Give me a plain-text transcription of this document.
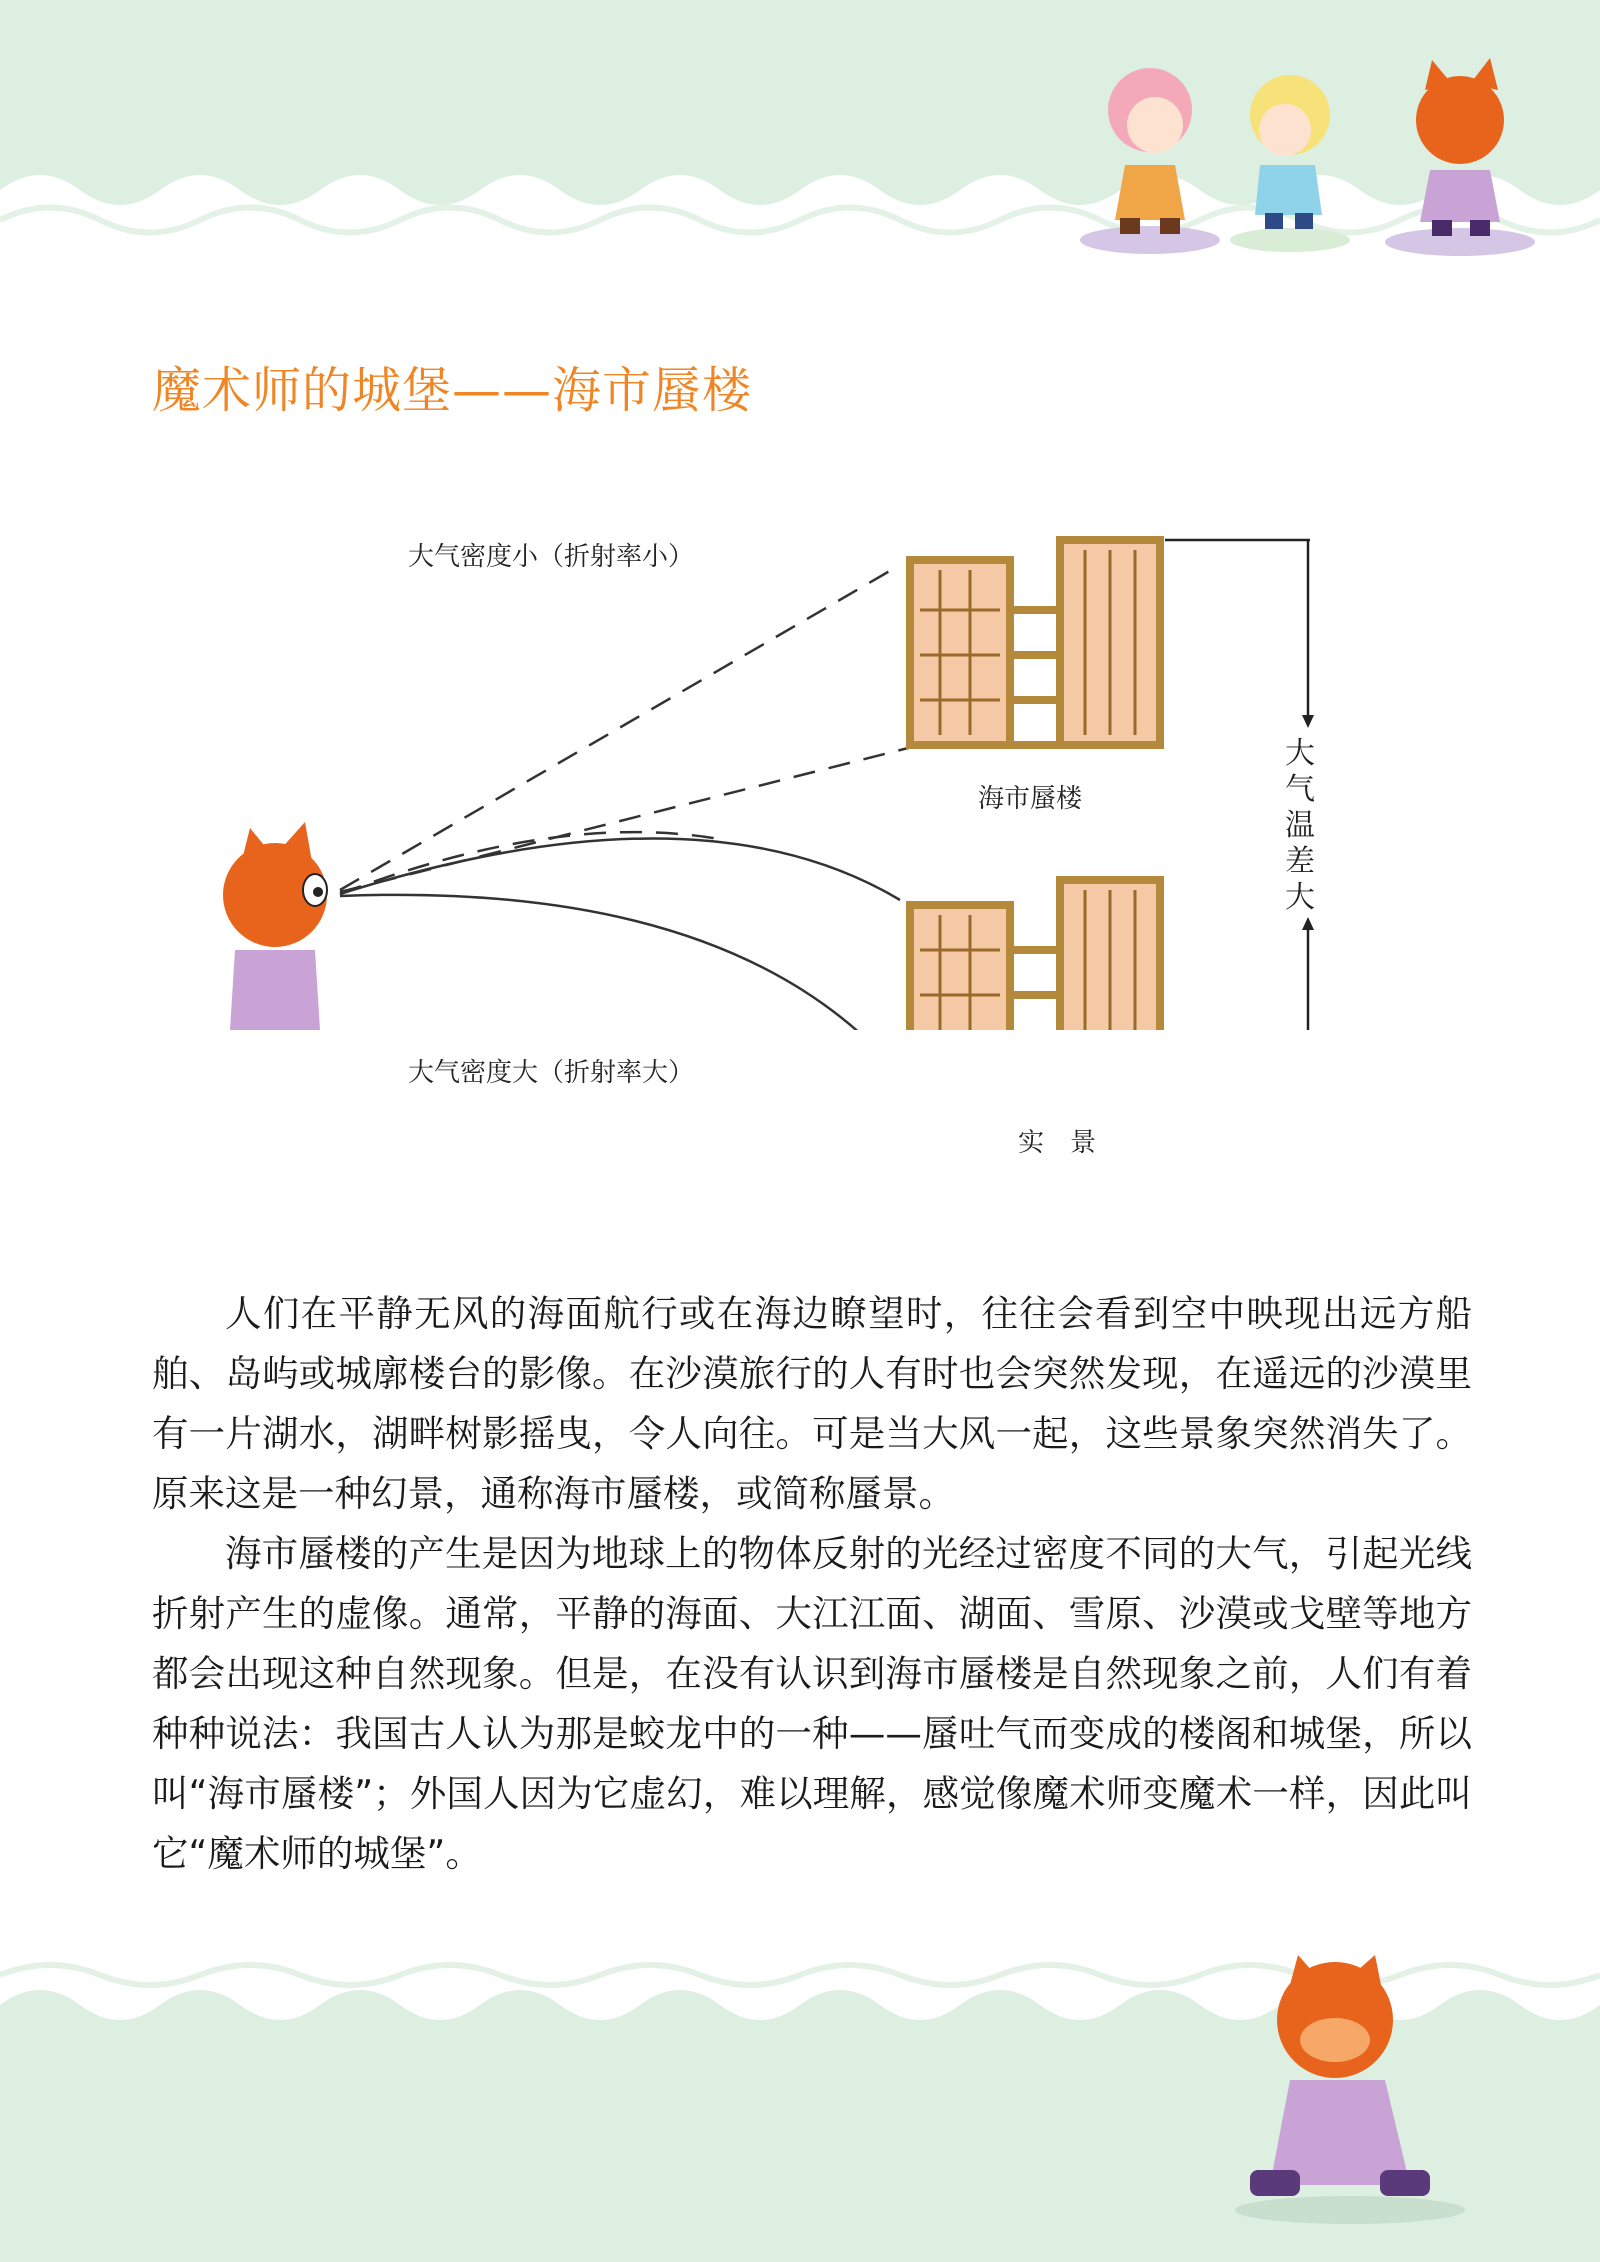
魔术师的城堡——海市蜃楼
大气密度小（折射率小）
大气密度大（折射率大）
海市蜃楼
实　景
大气温差大

人们在平静无风的海面航行或在海边瞭望时，往往会看到空中映现出远方船舶、岛屿或城廓楼台的影像。在沙漠旅行的人有时也会突然发现，在遥远的沙漠里有一片湖水，湖畔树影摇曳，令人向往。可是当大风一起，这些景象突然消失了。原来这是一种幻景，通称海市蜃楼，或简称蜃景。

海市蜃楼的产生是因为地球上的物体反射的光经过密度不同的大气，引起光线折射产生的虚像。通常，平静的海面、大江江面、湖面、雪原、沙漠或戈壁等地方都会出现这种自然现象。但是，在没有认识到海市蜃楼是自然现象之前，人们有着种种说法：我国古人认为那是蛟龙中的一种——蜃吐气而变成的楼阁和城堡，所以叫“海市蜃楼”；外国人因为它虚幻，难以理解，感觉像魔术师变魔术一样，因此叫它“魔术师的城堡”。
